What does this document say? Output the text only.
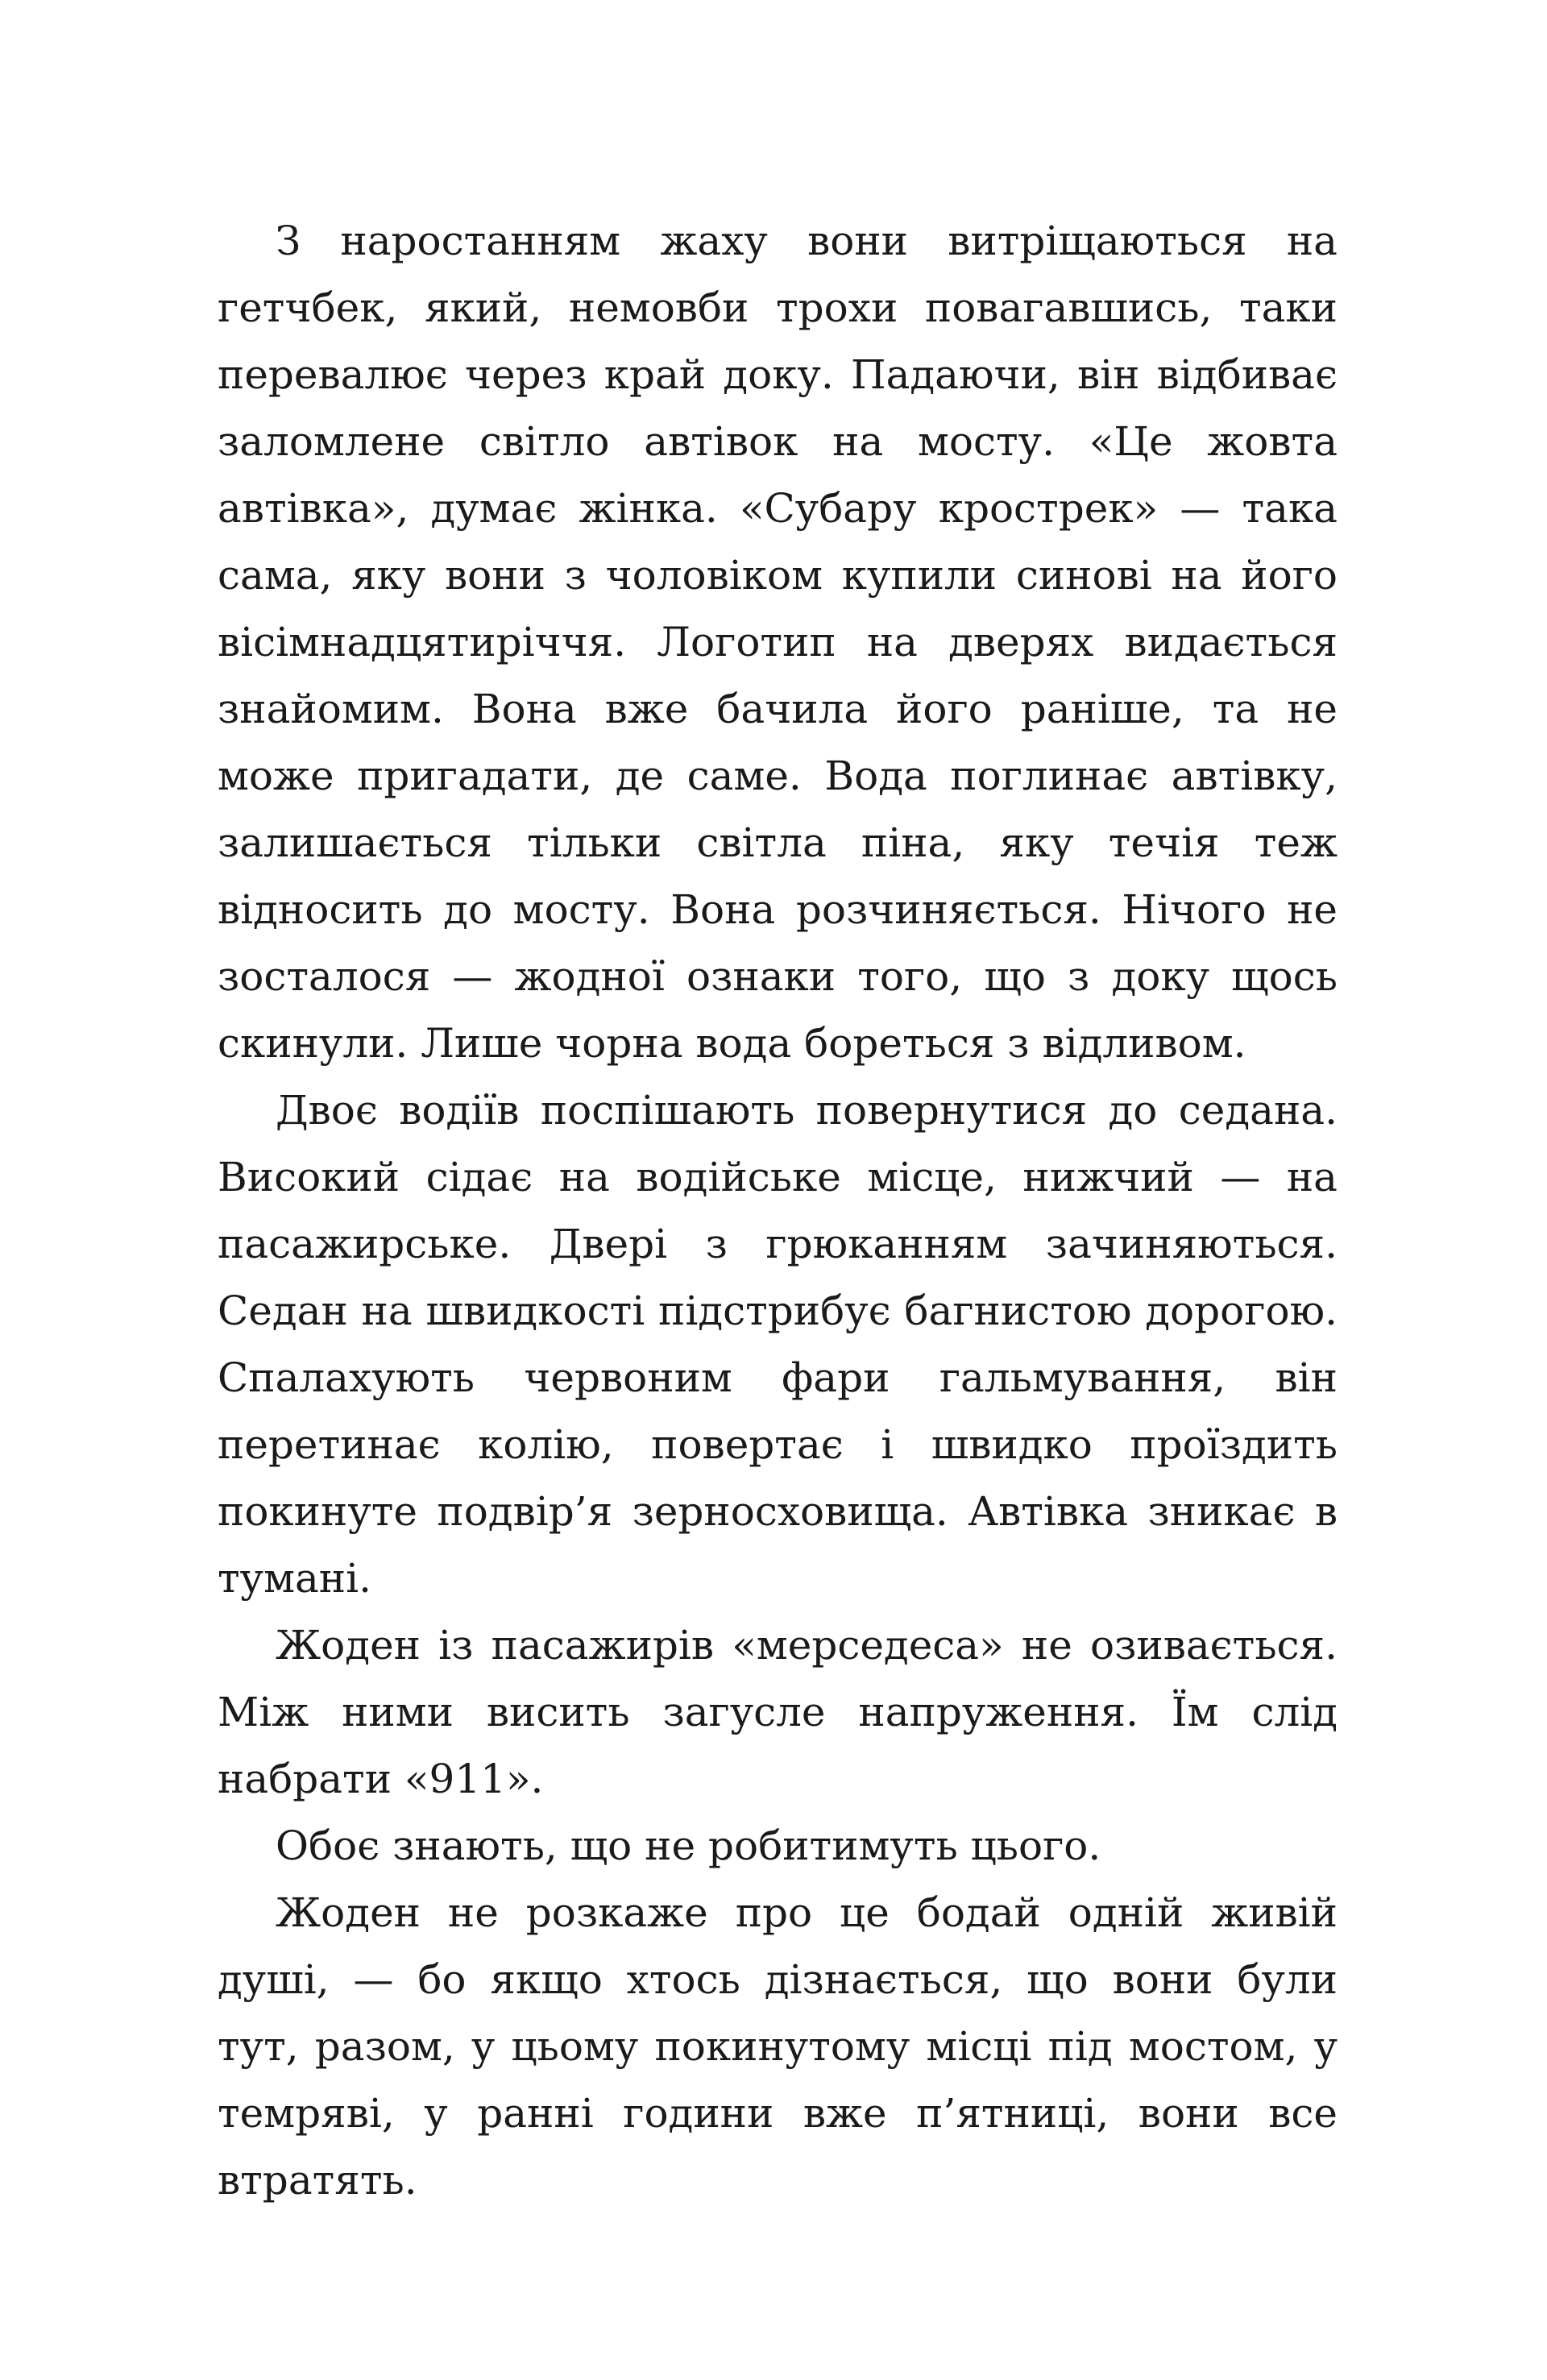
З наростанням жаху вони витріщаються на гетчбек, який, немовби трохи повагавшись, таки перевалює через край доку. Падаючи, він відбиває заломлене світло автівок на мосту. «Це жовта автівка», думає жінка. «Субару крострек» — така сама, яку вони з чоловіком купили синові на його вісімнадцятиріччя. Логотип на дверях видається знайомим. Вона вже бачила його раніше, та не може пригадати, де саме. Вода поглинає автівку, залишається тільки світла піна, яку течія теж відносить до мосту. Вона розчиняється. Нічого не зосталося — жодної ознаки того, що з доку щось скинули. Лише чорна вода бореться з відливом.

Двоє водіїв поспішають повернутися до седана. Високий сідає на водійське місце, нижчий — на пасажирське. Двері з грюканням зачиняються. Седан на швидкості підстрибує багнистою дорогою. Спалахують червоним фари гальмування, він перетинає колію, повертає і швидко проїздить покинуте подвір’я зерносховища. Автівка зникає в тумані.

Жоден із пасажирів «мерседеса» не озивається. Між ними висить загусле напруження. Їм слід набрати «911».

Обоє знають, що не робитимуть цього.

Жоден не розкаже про це бодай одній живій душі, — бо якщо хтось дізнається, що вони були тут, разом, у цьому покинутому місці під мостом, у темряві, у ранні години вже п’ятниці, вони все втратять.
